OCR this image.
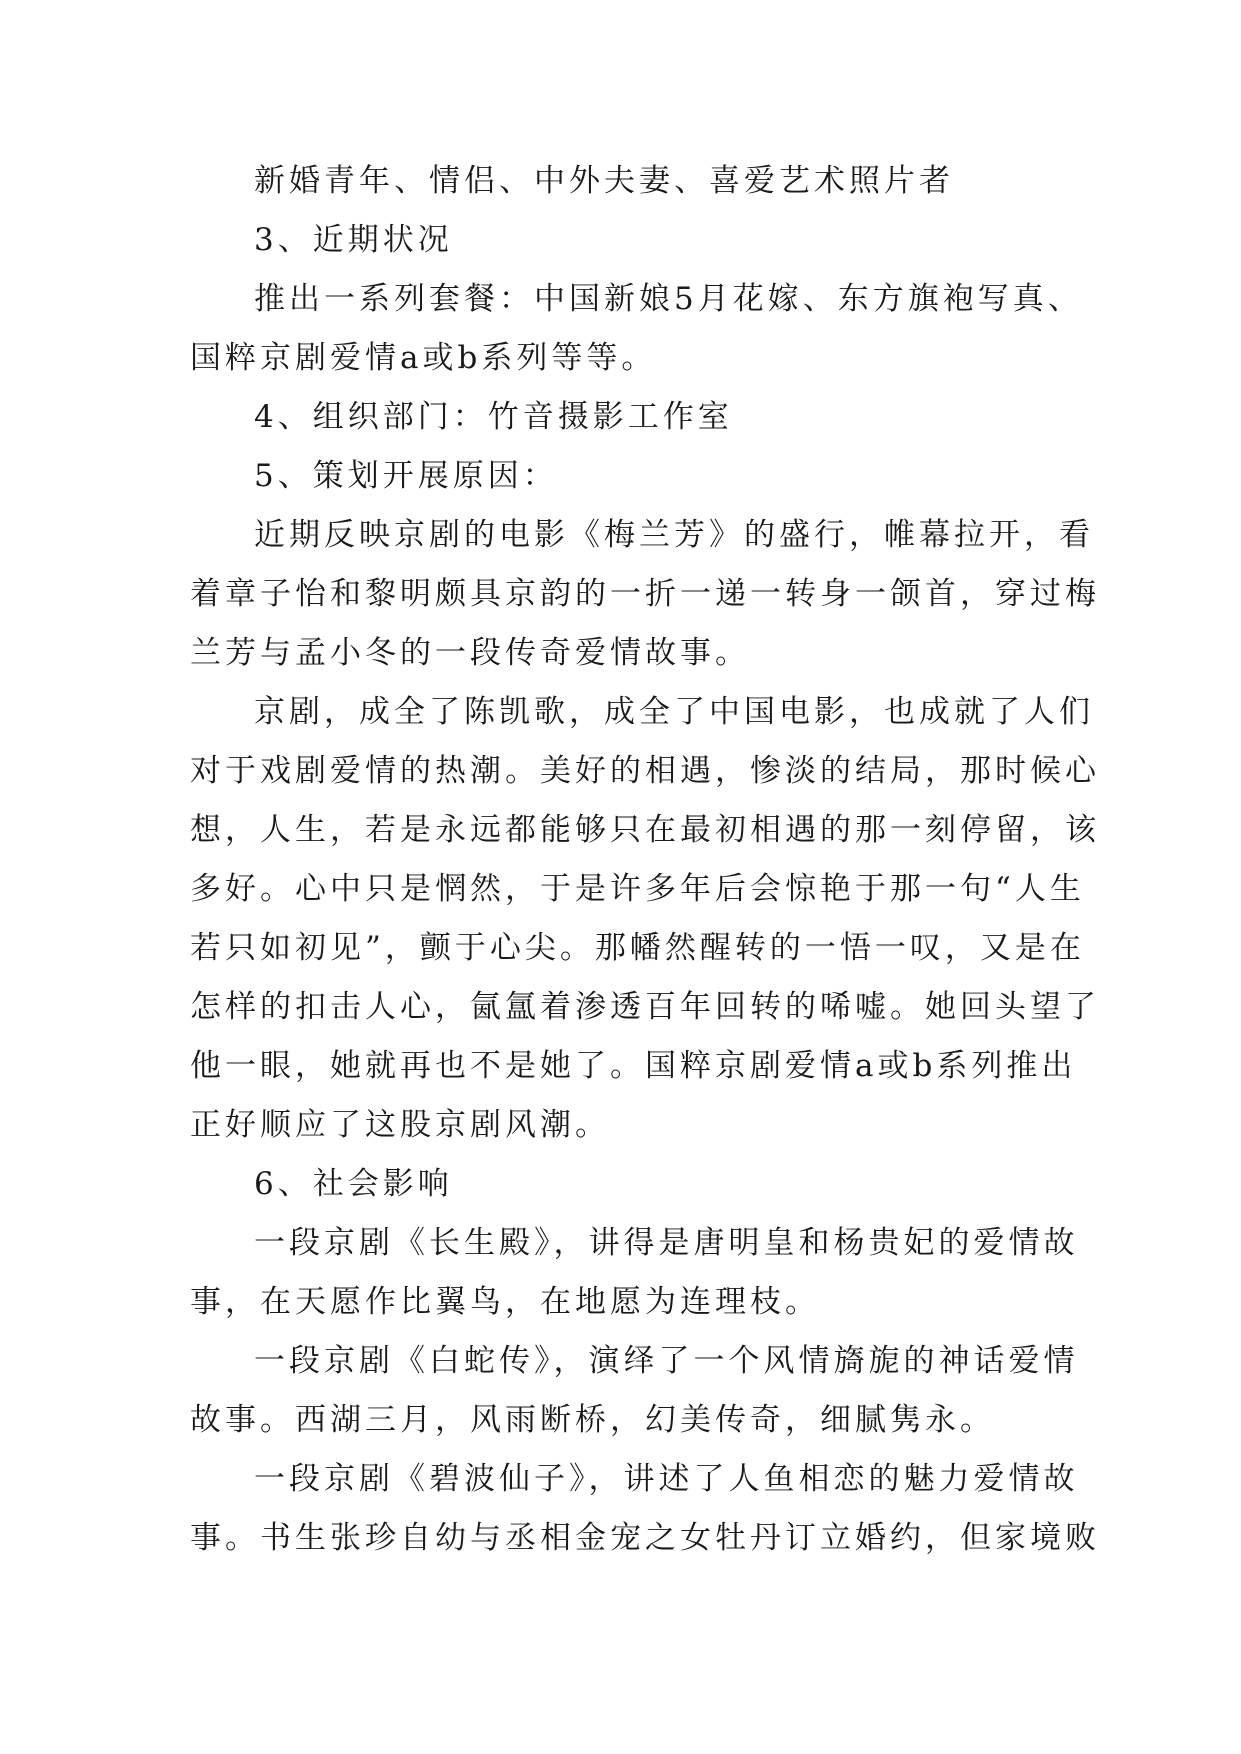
新婚青年、情侣、中外夫妻、喜爱艺术照片者
3、近期状况
推出一系列套餐：中国新娘5月花嫁、东方旗袍写真、
国粹京剧爱情a或b系列等等。
4、组织部门：竹音摄影工作室
5、策划开展原因：
近期反映京剧的电影《梅兰芳》的盛行，帷幕拉开，看
着章子怡和黎明颇具京韵的一折一递一转身一颌首，穿过梅
兰芳与孟小冬的一段传奇爱情故事。
京剧，成全了陈凯歌，成全了中国电影，也成就了人们
对于戏剧爱情的热潮。美好的相遇，惨淡的结局，那时候心
想，人生，若是永远都能够只在最初相遇的那一刻停留，该
多好。心中只是惘然，于是许多年后会惊艳于那一句“人生
若只如初见”，颤于心尖。那幡然醒转的一悟一叹，又是在
怎样的扣击人心，氤氲着渗透百年回转的唏嘘。她回头望了
他一眼，她就再也不是她了。国粹京剧爱情a或b系列推出
正好顺应了这股京剧风潮。
6、社会影响
一段京剧《长生殿》，讲得是唐明皇和杨贵妃的爱情故
事，在天愿作比翼鸟，在地愿为连理枝。
一段京剧《白蛇传》，演绎了一个风情旖旎的神话爱情
故事。西湖三月，风雨断桥，幻美传奇，细腻隽永。
一段京剧《碧波仙子》，讲述了人鱼相恋的魅力爱情故
事。书生张珍自幼与丞相金宠之女牡丹订立婚约，但家境败
